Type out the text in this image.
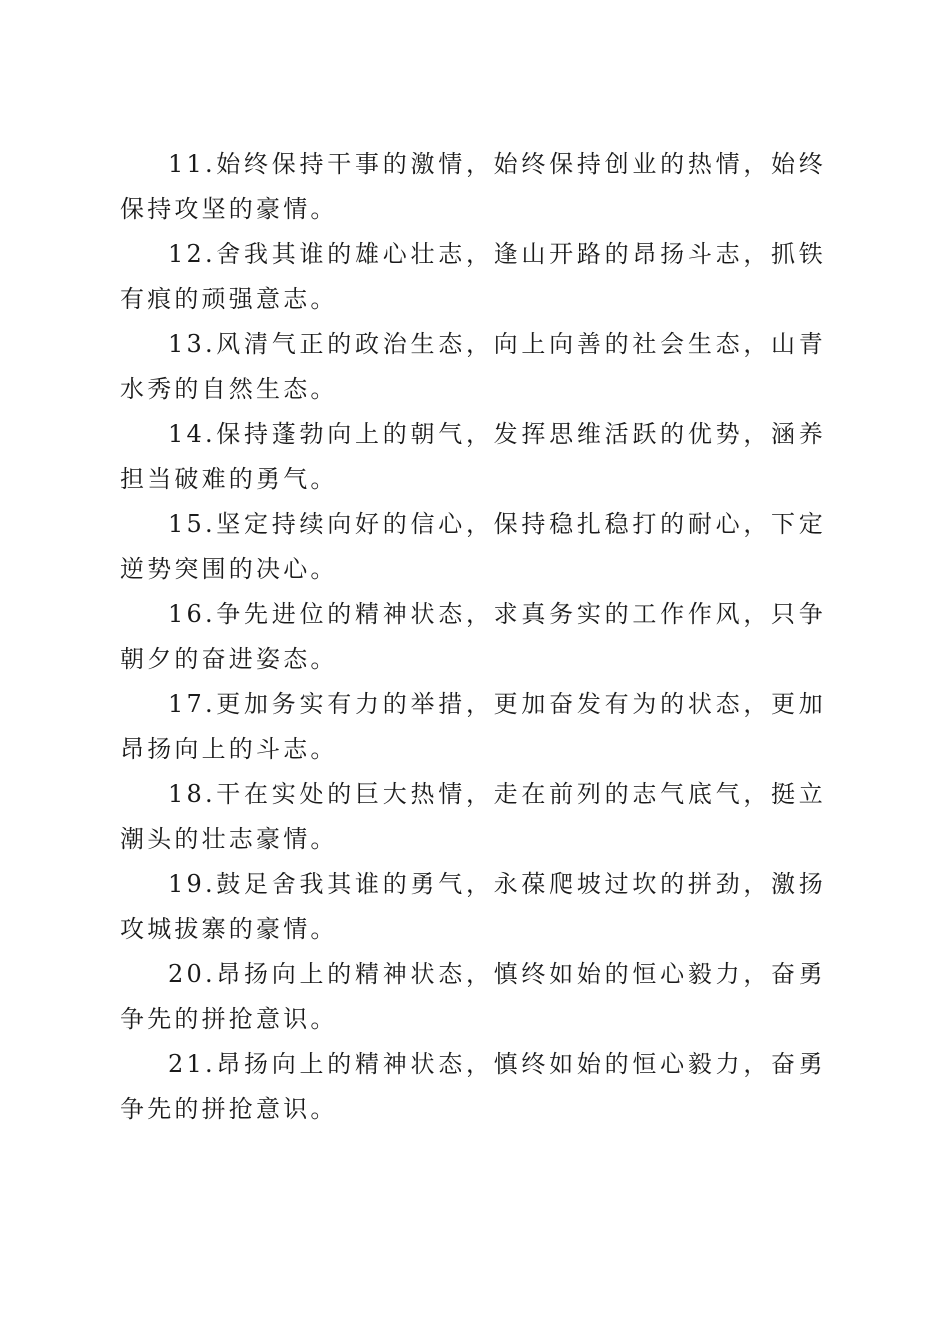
11.始终保持干事的激情，始终保持创业的热情，始终保持攻坚的豪情。

12.舍我其谁的雄心壮志，逢山开路的昂扬斗志，抓铁有痕的顽强意志。

13.风清气正的政治生态，向上向善的社会生态，山青水秀的自然生态。

14.保持蓬勃向上的朝气，发挥思维活跃的优势，涵养担当破难的勇气。

15.坚定持续向好的信心，保持稳扎稳打的耐心，下定逆势突围的决心。

16.争先进位的精神状态，求真务实的工作作风，只争朝夕的奋进姿态。

17.更加务实有力的举措，更加奋发有为的状态，更加昂扬向上的斗志。

18.干在实处的巨大热情，走在前列的志气底气，挺立潮头的壮志豪情。

19.鼓足舍我其谁的勇气，永葆爬坡过坎的拼劲，激扬攻城拔寨的豪情。

20.昂扬向上的精神状态，慎终如始的恒心毅力，奋勇争先的拼抢意识。

21.昂扬向上的精神状态，慎终如始的恒心毅力，奋勇争先的拼抢意识。
